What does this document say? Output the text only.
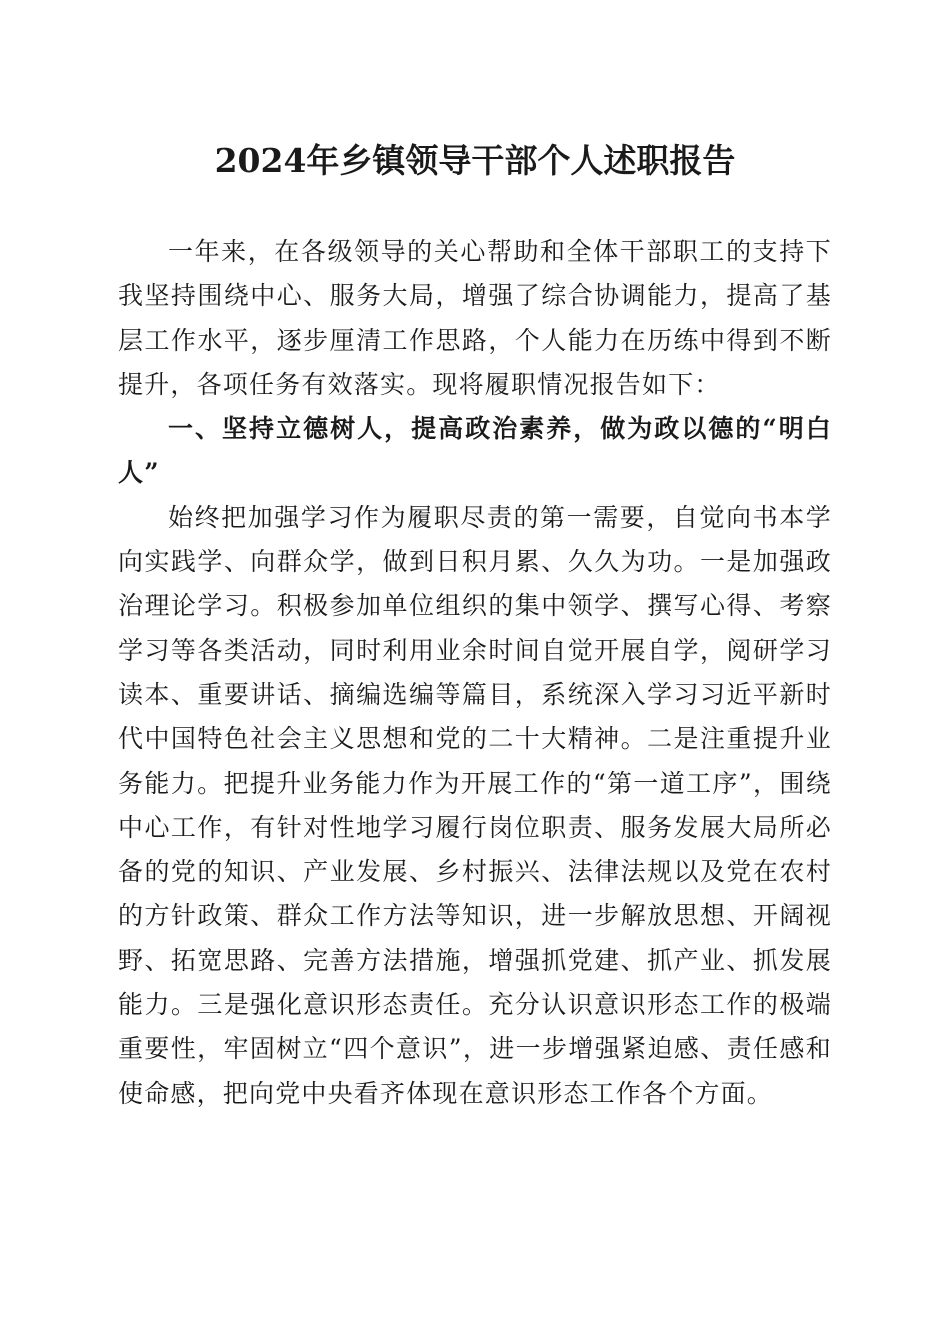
2024年乡镇领导干部个人述职报告

一年来，在各级领导的关心帮助和全体干部职工的支持下我坚持围绕中心、服务大局，增强了综合协调能力，提高了基层工作水平，逐步厘清工作思路，个人能力在历练中得到不断提升，各项任务有效落实。现将履职情况报告如下：

一、坚持立德树人，提高政治素养，做为政以德的“明白人”

始终把加强学习作为履职尽责的第一需要，自觉向书本学向实践学、向群众学，做到日积月累、久久为功。一是加强政治理论学习。积极参加单位组织的集中领学、撰写心得、考察学习等各类活动，同时利用业余时间自觉开展自学，阅研学习读本、重要讲话、摘编选编等篇目，系统深入学习习近平新时代中国特色社会主义思想和党的二十大精神。二是注重提升业务能力。把提升业务能力作为开展工作的“第一道工序”，围绕中心工作，有针对性地学习履行岗位职责、服务发展大局所必备的党的知识、产业发展、乡村振兴、法律法规以及党在农村的方针政策、群众工作方法等知识，进一步解放思想、开阔视野、拓宽思路、完善方法措施，增强抓党建、抓产业、抓发展能力。三是强化意识形态责任。充分认识意识形态工作的极端重要性，牢固树立“四个意识”，进一步增强紧迫感、责任感和使命感，把向党中央看齐体现在意识形态工作各个方面。
